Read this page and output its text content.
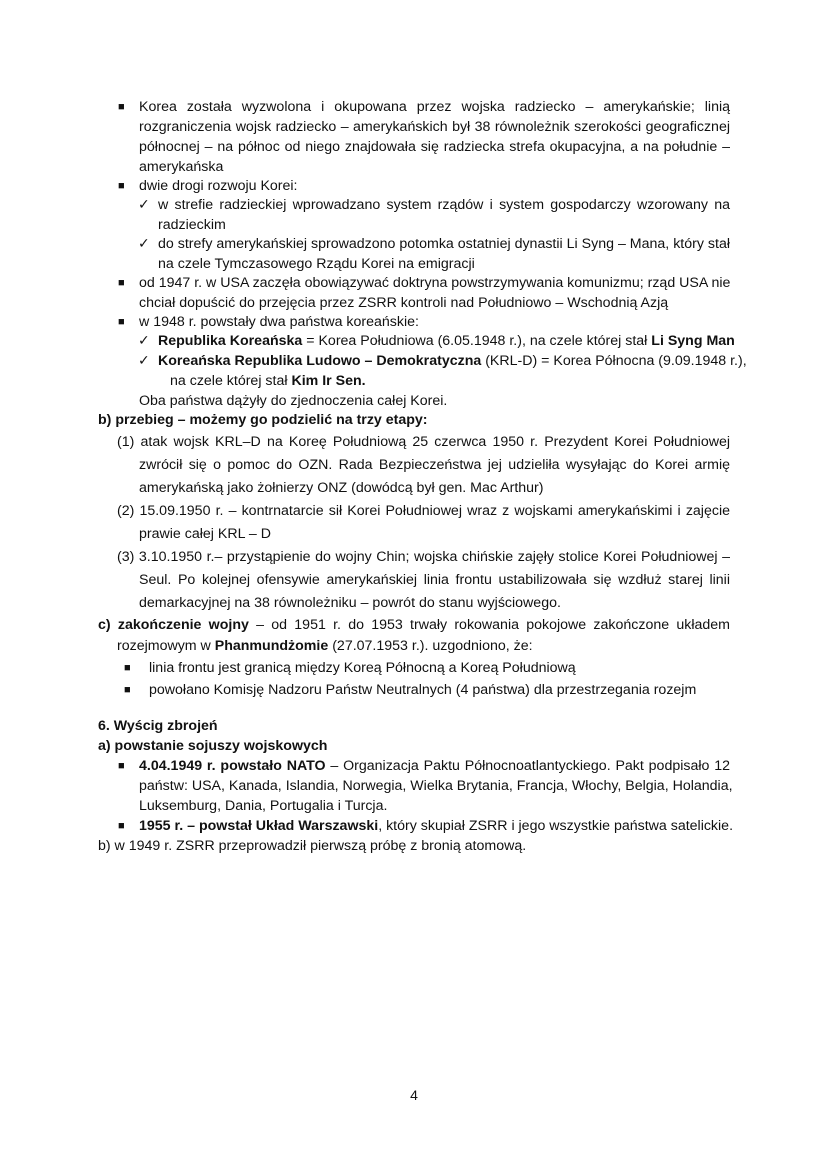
■ Korea została wyzwolona i okupowana przez wojska radziecko – amerykańskie; linią
rozgraniczenia wojsk radziecko – amerykańskich był 38 równoleżnik szerokości geograficznej
północnej – na północ od niego znajdowała się radziecka strefa okupacyjna, a na południe –
amerykańska
■ dwie drogi rozwoju Korei:
✓ w strefie radzieckiej wprowadzano system rządów i system gospodarczy wzorowany na
radzieckim
✓ do strefy amerykańskiej sprowadzono potomka ostatniej dynastii Li Syng – Mana, który stał
na czele Tymczasowego Rządu Korei na emigracji
■ od 1947 r. w USA zaczęła obowiązywać doktryna powstrzymywania komunizmu; rząd USA nie
chciał dopuścić do przejęcia przez ZSRR kontroli nad Południowo – Wschodnią Azją
■ w 1948 r. powstały dwa państwa koreańskie:
✓ Republika Koreańska = Korea Południowa (6.05.1948 r.), na czele której stał Li Syng Man
✓ Koreańska Republika Ludowo – Demokratyczna (KRL-D) = Korea Północna (9.09.1948 r.),
na czele której stał Kim Ir Sen.
Oba państwa dążyły do zjednoczenia całej Korei.
b) przebieg – możemy go podzielić na trzy etapy:
(1) atak wojsk KRL–D na Koreę Południową 25 czerwca 1950 r. Prezydent Korei Południowej
zwrócił się o pomoc do OZN. Rada Bezpieczeństwa jej udzieliła wysyłając do Korei armię
amerykańską jako żołnierzy ONZ (dowódcą był gen. Mac Arthur)
(2) 15.09.1950 r. – kontrnatarcie sił Korei Południowej wraz z wojskami amerykańskimi i zajęcie
prawie całej KRL – D
(3) 3.10.1950 r.– przystąpienie do wojny Chin; wojska chińskie zajęły stolice Korei Południowej –
Seul. Po kolejnej ofensywie amerykańskiej linia frontu ustabilizowała się wzdłuż starej linii
demarkacyjnej na 38 równoleżniku – powrót do stanu wyjściowego.
c) zakończenie wojny – od 1951 r. do 1953 trwały rokowania pokojowe zakończone układem
rozejmowym w Phanmundżomie (27.07.1953 r.). uzgodniono, że:
■ linia frontu jest granicą między Koreą Północną a Koreą Południową
■ powołano Komisję Nadzoru Państw Neutralnych (4 państwa) dla przestrzegania rozejm
6. Wyścig zbrojeń
a) powstanie sojuszy wojskowych
■ 4.04.1949 r. powstało NATO – Organizacja Paktu Północnoatlantyckiego. Pakt podpisało 12
państw: USA, Kanada, Islandia, Norwegia, Wielka Brytania, Francja, Włochy, Belgia, Holandia,
Luksemburg, Dania, Portugalia i Turcja.
■ 1955 r. – powstał Układ Warszawski, który skupiał ZSRR i jego wszystkie państwa satelickie.
b) w 1949 r. ZSRR przeprowadził pierwszą próbę z bronią atomową.
4
